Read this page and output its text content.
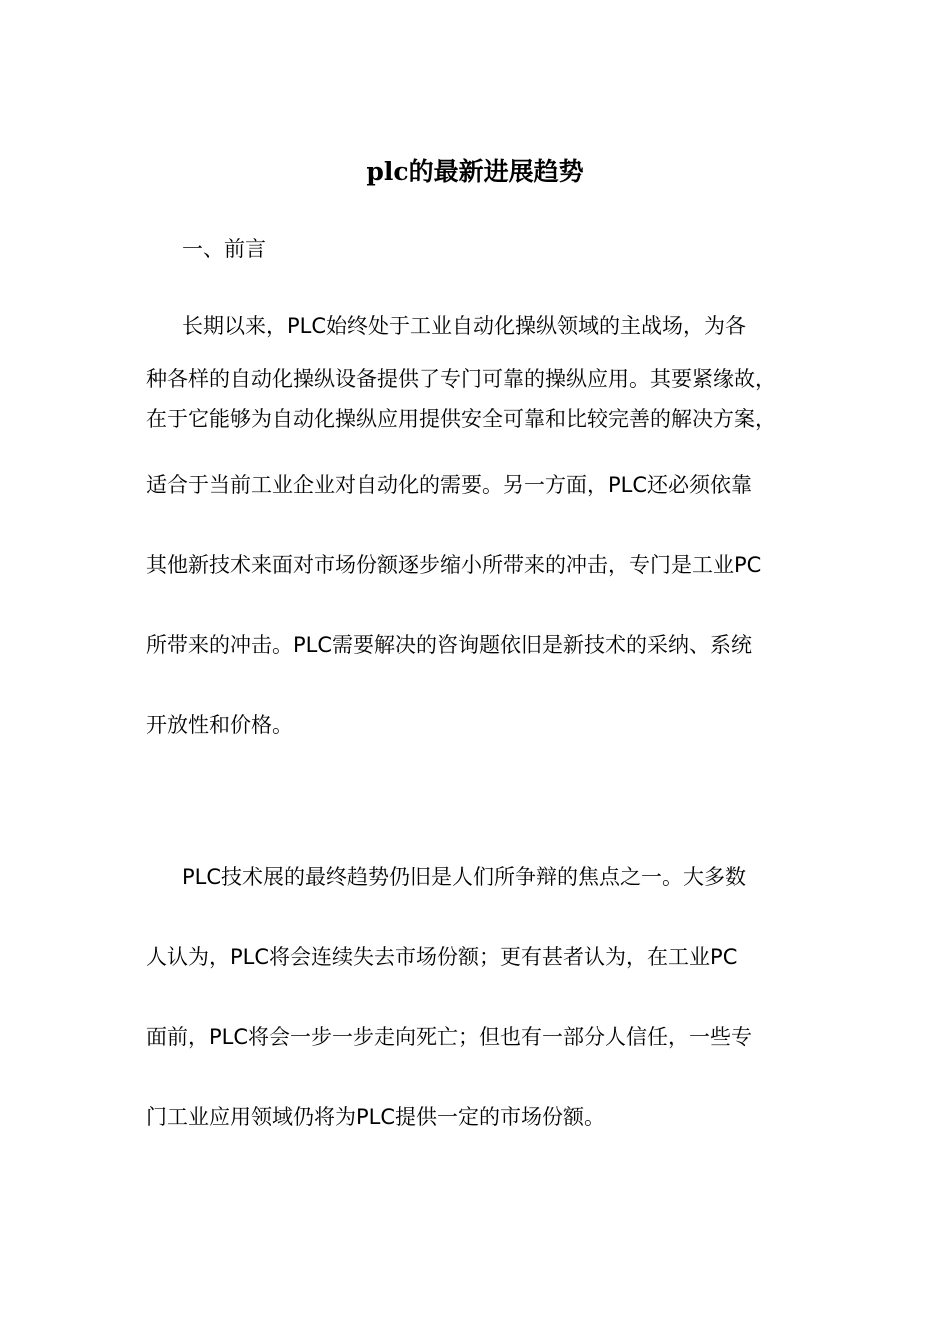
plc的最新进展趋势
一、前言
长期以来，PLC始终处于工业自动化操纵领域的主战场，为各
种各样的自动化操纵设备提供了专门可靠的操纵应用。其要紧缘故，
在于它能够为自动化操纵应用提供安全可靠和比较完善的解决方案，
适合于当前工业企业对自动化的需要。另一方面，PLC还必须依靠
其他新技术来面对市场份额逐步缩小所带来的冲击，专门是工业PC
所带来的冲击。PLC需要解决的咨询题依旧是新技术的采纳、系统
开放性和价格。
PLC技术展的最终趋势仍旧是人们所争辩的焦点之一。大多数
人认为，PLC将会连续失去市场份额；更有甚者认为，在工业PC
面前，PLC将会一步一步走向死亡；但也有一部分人信任，一些专
门工业应用领域仍将为PLC提供一定的市场份额。
